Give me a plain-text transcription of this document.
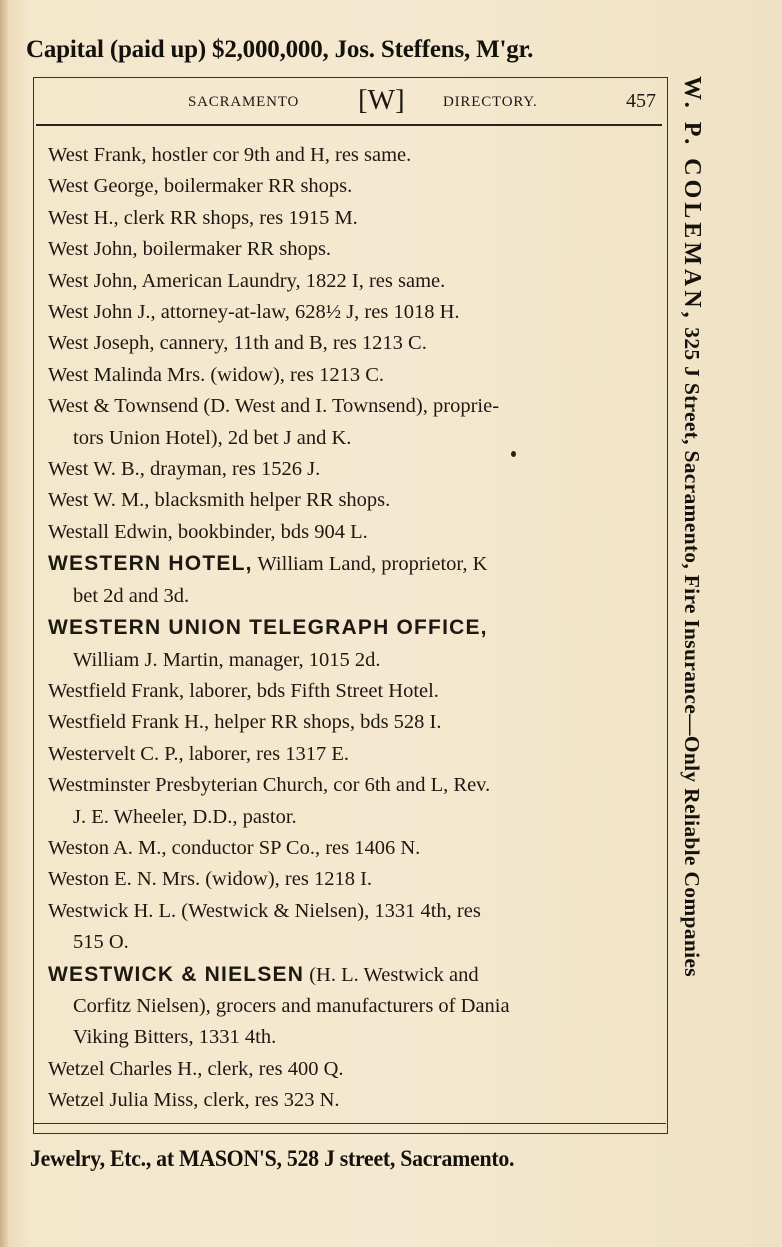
Capital (paid up) $2,000,000, Jos. Steffens, M'gr.
SACRAMENTO [W]	DIRECTORY.	457
West Frank, hostler cor 9th and H, res same.
West George, boilermaker RR shops.
West H., clerk RR shops, res 1915 M.
West John, boilermaker RR shops.
West John, American Laundry, 1822 I, res same.
West John J., attorney-at-law, 628½ J, res 1018 H.
West Joseph, cannery, 11th and B, res 1213 C.
West Malinda Mrs. (widow), res 1213 C.
West & Townsend (D. West and I. Townsend), proprie-
tors Union Hotel), 2d bet J and K.
West W. B., drayman, res 1526 J.
West W. M., blacksmith helper RR shops.
Westall Edwin, bookbinder, bds 904 L.
WESTERN HOTEL, William Land, proprietor, K
bet 2d and 3d.
WESTERN UNION TELEGRAPH OFFICE,
William J. Martin, manager, 1015 2d.
Westfield Frank, laborer, bds Fifth Street Hotel.
Westfield Frank H., helper RR shops, bds 528 I.
Westervelt C. P., laborer, res 1317 E.
Westminster Presbyterian Church, cor 6th and L, Rev.
J. E. Wheeler, D.D., pastor.
Weston A. M., conductor SP Co., res 1406 N.
Weston E. N. Mrs. (widow), res 1218 I.
Westwick H. L. (Westwick & Nielsen), 1331 4th, res
515 O.
WESTWICK & NIELSEN (H. L. Westwick and
Corfitz Nielsen), grocers and manufacturers of Dania
Viking Bitters, 1331 4th.
Wetzel Charles H., clerk, res 400 Q.
Wetzel Julia Miss, clerk, res 323 N.
W. P. COLEMAN, 325 J Street, Sacramento, Fire Insurance—Only Reliable Companies
Jewelry, Etc., at MASON'S, 528 J street, Sacramento.
